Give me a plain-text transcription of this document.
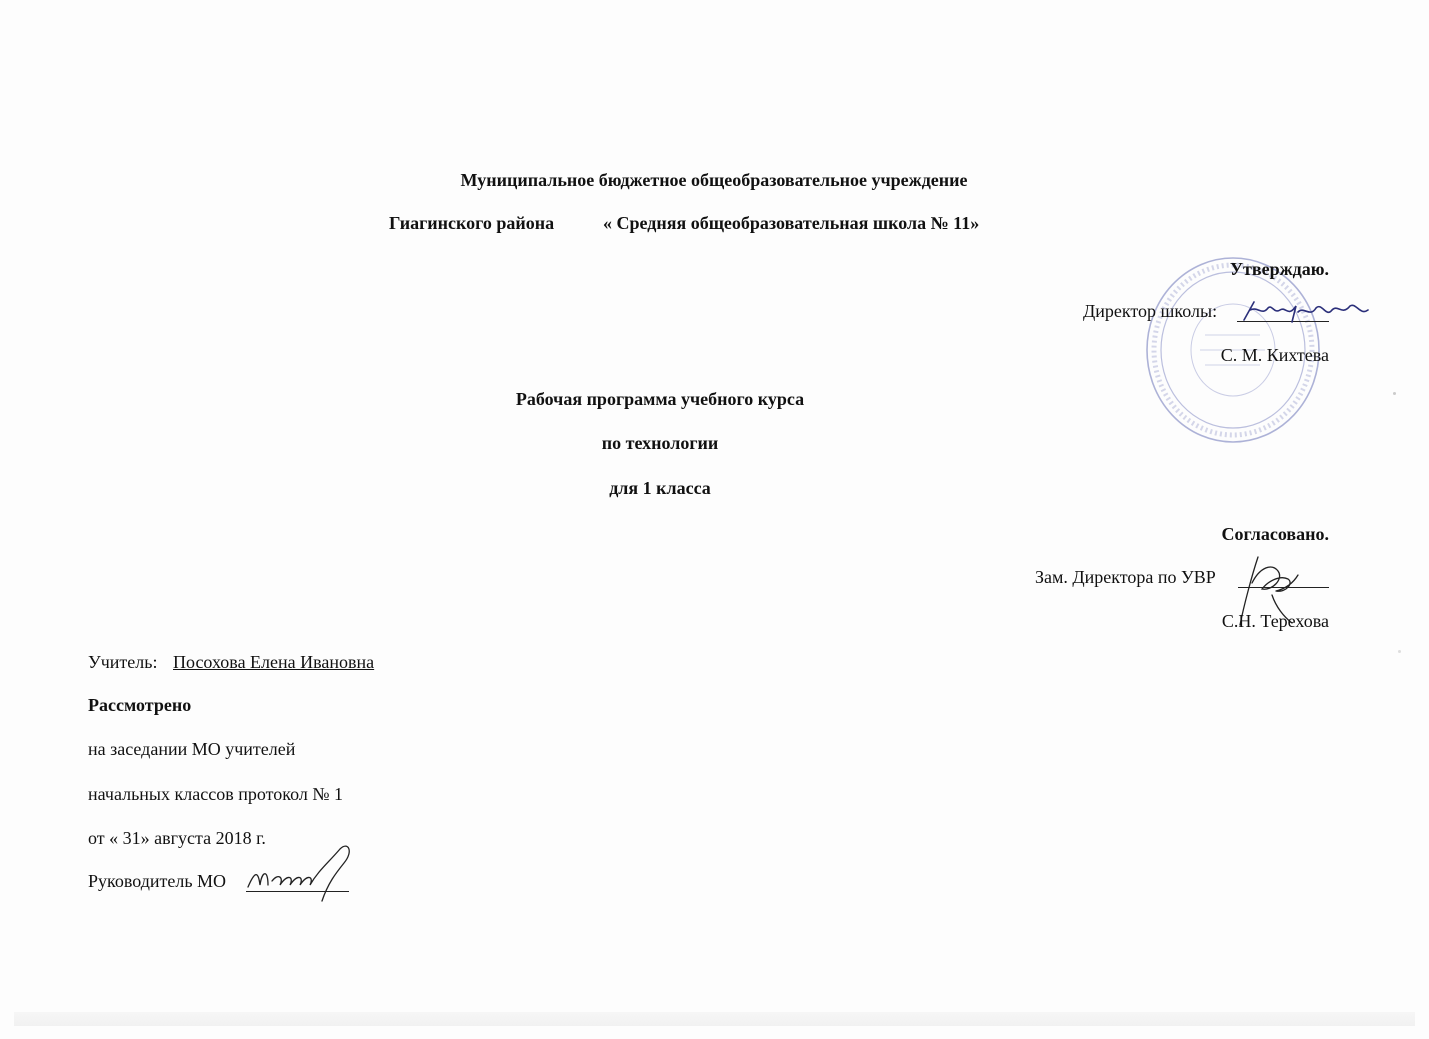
Муниципальное бюджетное общеобразовательное учреждение
Гиагинского района	« Средняя общеобразовательная школа № 11»
Утверждаю.
Директор школы:
С. М. Кихтева
Рабочая программа учебного курса
по технологии
для 1 класса
Согласовано.
Зам. Директора по УВР
С.Н. Терехова
Учитель: Посохова Елена Ивановна
Рассмотрено
на заседании МО учителей
начальных классов протокол № 1
от « 31» августа 2018 г.
Руководитель МО
